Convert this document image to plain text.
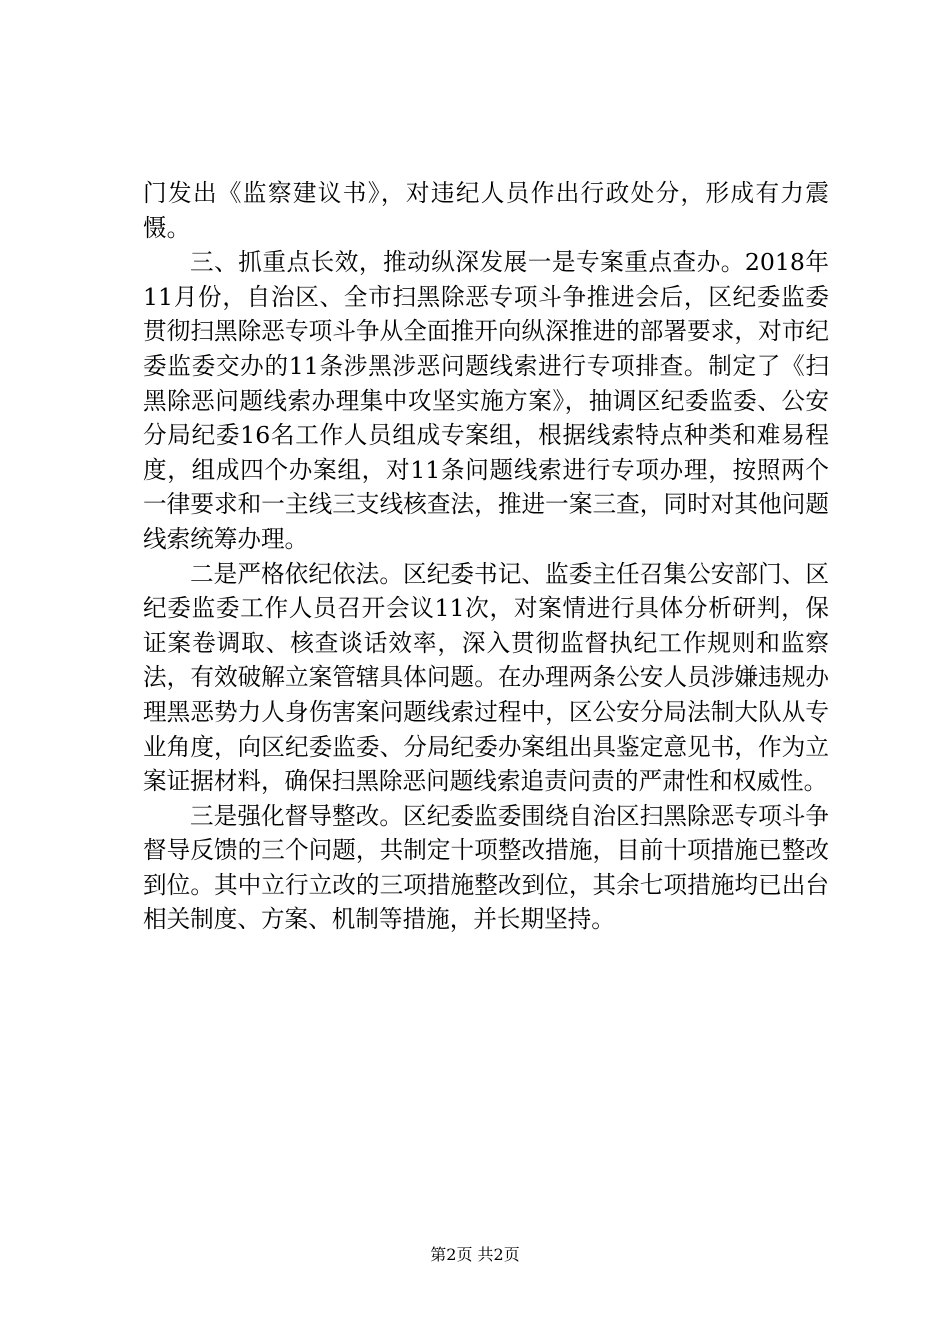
门发出《监察建议书》，对违纪人员作出行政处分，形成有力震慑。

三、抓重点长效，推动纵深发展一是专案重点查办。2018年11月份，自治区、全市扫黑除恶专项斗争推进会后，区纪委监委贯彻扫黑除恶专项斗争从全面推开向纵深推进的部署要求，对市纪委监委交办的11条涉黑涉恶问题线索进行专项排查。制定了《扫黑除恶问题线索办理集中攻坚实施方案》，抽调区纪委监委、公安分局纪委16名工作人员组成专案组，根据线索特点种类和难易程度，组成四个办案组，对11条问题线索进行专项办理，按照两个一律要求和一主线三支线核查法，推进一案三查，同时对其他问题线索统筹办理。

二是严格依纪依法。区纪委书记、监委主任召集公安部门、区纪委监委工作人员召开会议11次，对案情进行具体分析研判，保证案卷调取、核查谈话效率，深入贯彻监督执纪工作规则和监察法，有效破解立案管辖具体问题。在办理两条公安人员涉嫌违规办理黑恶势力人身伤害案问题线索过程中，区公安分局法制大队从专业角度，向区纪委监委、分局纪委办案组出具鉴定意见书，作为立案证据材料，确保扫黑除恶问题线索追责问责的严肃性和权威性。

三是强化督导整改。区纪委监委围绕自治区扫黑除恶专项斗争督导反馈的三个问题，共制定十项整改措施，目前十项措施已整改到位。其中立行立改的三项措施整改到位，其余七项措施均已出台相关制度、方案、机制等措施，并长期坚持。

第2页 共2页
